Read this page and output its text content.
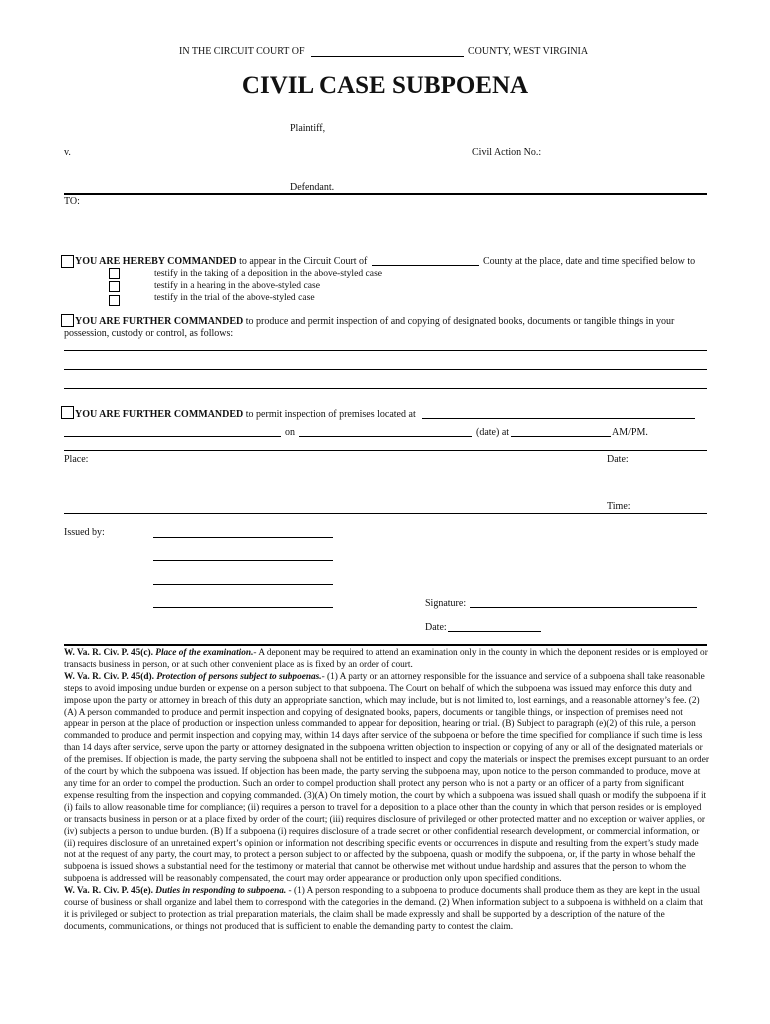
IN THE CIRCUIT COURT OF	COUNTY, WEST VIRGINIA
CIVIL CASE SUBPOENA
Plaintiff,
v.	Civil Action No.:
Defendant.
TO:
YOU ARE HEREBY COMMANDED to appear in the Circuit Court of	County at the place, date and time specified below to
testify in the taking of a deposition in the above-styled case
testify in a hearing in the above-styled case
testify in the trial of the above-styled case
YOU ARE FURTHER COMMANDED to produce and permit inspection of and copying of designated books, documents or tangible things in your
possession, custody or control, as follows:
YOU ARE FURTHER COMMANDED to permit inspection of premises located at
on	(date) at	AM/PM.
Place:	Date:
Time:
Issued by:
Signature:
Date:

W. Va. R. Civ. P. 45(c). Place of the examination.- A deponent may be required to attend an examination only in the county in which the deponent resides or is employed or transacts business in person, or at such other convenient place as is fixed by an order of court.

W. Va. R. Civ. P. 45(d). Protection of persons subject to subpoenas.- (1) A party or an attorney responsible for the issuance and service of a subpoena shall take reasonable steps to avoid imposing undue burden or expense on a person subject to that subpoena. The Court on behalf of which the subpoena was issued may enforce this duty and impose upon the party or attorney in breach of this duty an appropriate sanction, which may include, but is not limited to, lost earnings, and a reasonable attorney’s fee. (2)(A) A person commanded to produce and permit inspection and copying of designated books, papers, documents or tangible things, or inspection of premises need not appear in person at the place of production or inspection unless commanded to appear for deposition, hearing or trial. (B) Subject to paragraph (e)(2) of this rule, a person commanded to produce and permit inspection and copying may, within 14 days after service of the subpoena or before the time specified for compliance if such time is less than 14 days after service, serve upon the party or attorney designated in the subpoena written objection to inspection or copying of any or all of the designated materials or of the premises. If objection is made, the party serving the subpoena shall not be entitled to inspect and copy the materials or inspect the premises except pursuant to an order of the court by which the subpoena was issued. If objection has been made, the party serving the subpoena may, upon notice to the person commanded to produce, move at any time for an order to compel the production. Such an order to compel production shall protect any person who is not a party or an officer of a party from significant expense resulting from the inspection and copying commanded. (3)(A) On timely motion, the court by which a subpoena was issued shall quash or modify the subpoena if it (i) fails to allow reasonable time for compliance; (ii) requires a person to travel for a deposition to a place other than the county in which that person resides or is employed or transacts business in person or at a place fixed by order of the court; (iii) requires disclosure of privileged or other protected matter and no exception or waiver applies, or (iv) subjects a person to undue burden. (B) If a subpoena (i) requires disclosure of a trade secret or other confidential research development, or commercial information, or (ii) requires disclosure of an unretained expert’s opinion or information not describing specific events or occurrences in dispute and resulting from the expert’s study made not at the request of any party, the court may, to protect a person subject to or affected by the subpoena, quash or modify the subpoena, or, if the party in whose behalf the subpoena is issued shows a substantial need for the testimony or material that cannot be otherwise met without undue hardship and assures that the person to whom the subpoena is addressed will be reasonably compensated, the court may order appearance or production only upon specified conditions.

W. Va. R. Civ. P. 45(e). Duties in responding to subpoena. - (1) A person responding to a subpoena to produce documents shall produce them as they are kept in the usual course of business or shall organize and label them to correspond with the categories in the demand. (2) When information subject to a subpoena is withheld on a claim that it is privileged or subject to protection as trial preparation materials, the claim shall be made expressly and shall be supported by a description of the nature of the documents, communications, or things not produced that is sufficient to enable the demanding party to contest the claim.
